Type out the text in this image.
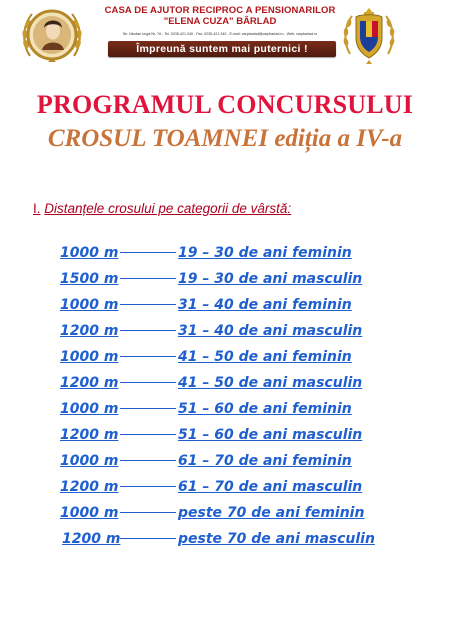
CASA DE AJUTOR RECIPROC A PENSIONARILOR
"ELENA CUZA" BÂRLAD
Str. Nicolae Iorga Nr. 7A - Tel. 0235-421.340 - Fax: 0235-421.340 - E-mail: carpbarlad@carpbarlad.ro - Web: carpbarlad.ro
Împreună suntem mai puternici !
PROGRAMUL CONCURSULUI
CROSUL TOAMNEI ediția a IV-a
I. Distanțele crosului pe categorii de vârstă:
1000 m	19 – 30 de ani feminin
1500 m	19 – 30 de ani masculin
1000 m	31 – 40 de ani feminin
1200 m	31 – 40 de ani masculin
1000 m	41 – 50 de ani feminin
1200 m	41 – 50 de ani masculin
1000 m	51 – 60 de ani feminin
1200 m	51 – 60 de ani masculin
1000 m	61 – 70 de ani feminin
1200 m	61 – 70 de ani masculin
1000 m	peste 70 de ani feminin
1200 m	peste 70 de ani masculin
